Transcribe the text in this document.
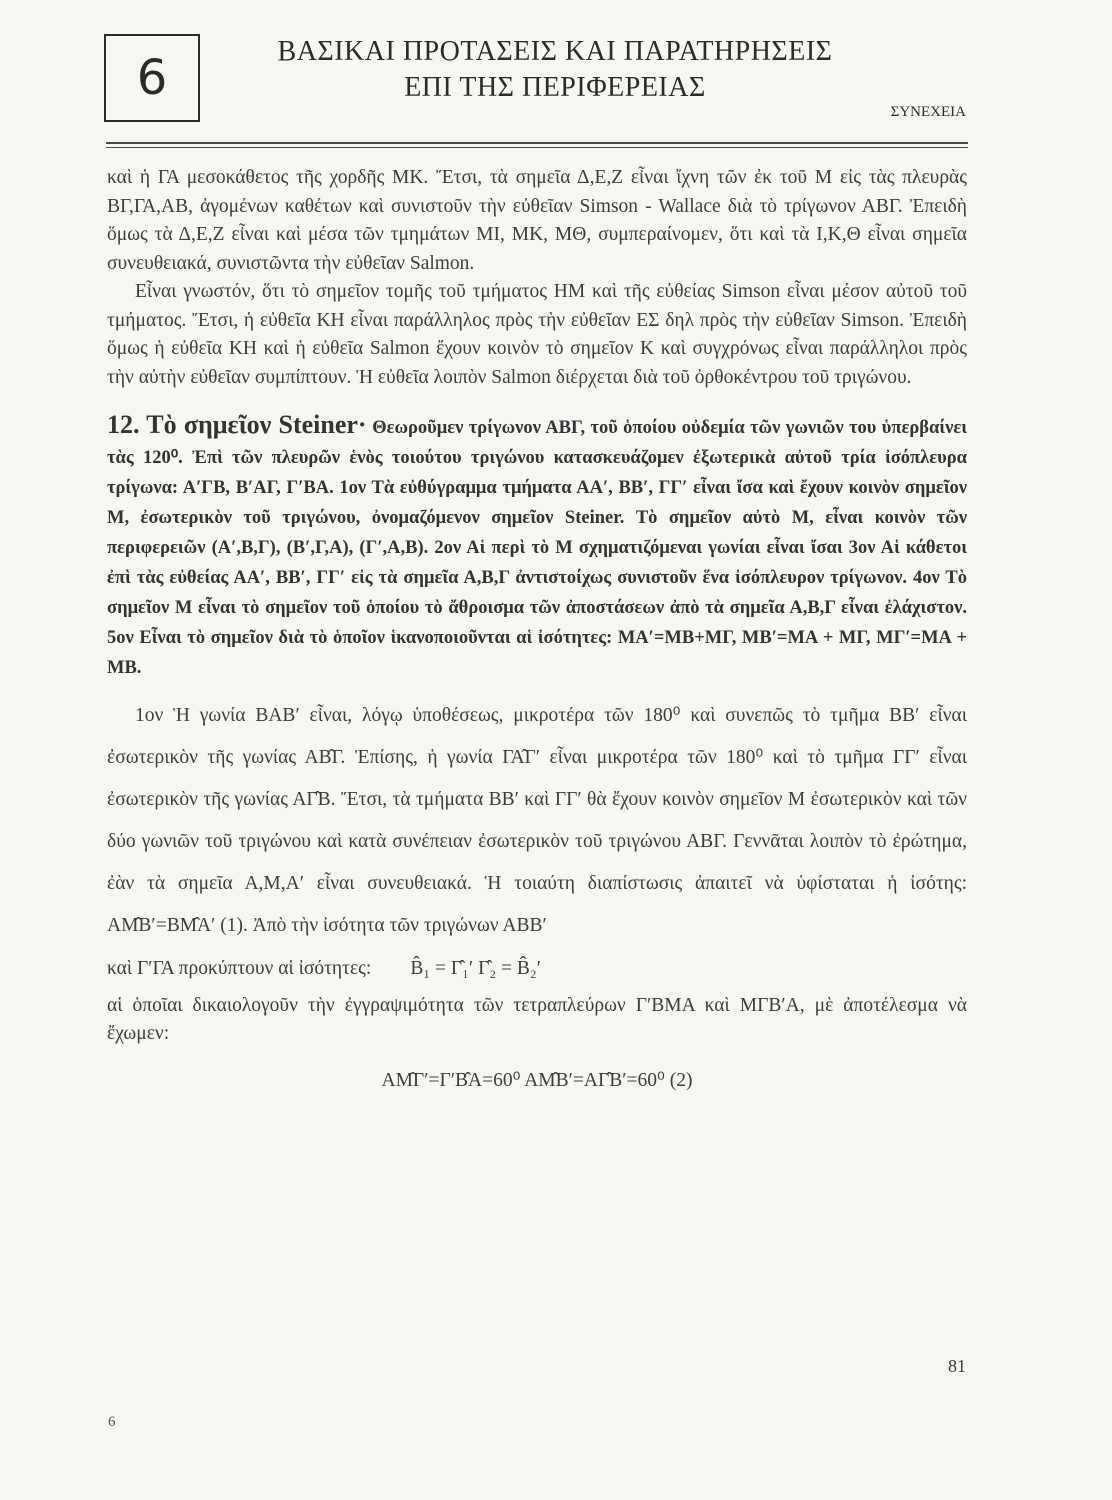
6	ΒΑΣΙΚΑΙ ΠΡΟΤΑΣΕΙΣ ΚΑΙ ΠΑΡΑΤΗΡΗΣΕΙΣ
ΕΠΙ ΤΗΣ ΠΕΡΙΦΕΡΕΙΑΣ
ΣΥΝΕΧΕΙΑ

καὶ ἡ ΓΑ μεσοκάθετος τῆς χορδῆς ΜΚ. Ἔτσι, τὰ σημεῖα Δ,Ε,Ζ εἶναι ἴχνη τῶν ἐκ τοῦ Μ εἰς τὰς πλευρὰς ΒΓ,ΓΑ,ΑΒ, ἀγομένων καθέτων καὶ συνιστοῦν τὴν εὐθεῖαν Simson - Wallace διὰ τὸ τρίγωνον ΑΒΓ. Ἐπειδὴ ὅμως τὰ Δ,Ε,Ζ εἶναι καὶ μέσα τῶν τμημάτων ΜΙ, ΜΚ, ΜΘ, συμπεραίνομεν, ὅτι καὶ τὰ Ι,Κ,Θ εἶναι σημεῖα συνευθειακά, συνιστῶντα τὴν εὐθεῖαν Salmon.

Εἶναι γνωστόν, ὅτι τὸ σημεῖον τομῆς τοῦ τμήματος ΗΜ καὶ τῆς εὐθείας Simson εἶναι μέσον αὐτοῦ τοῦ τμήματος. Ἔτσι, ἡ εὐθεῖα ΚΗ εἶναι παράλληλος πρὸς τὴν εὐθεῖαν ΕΣ δηλ πρὸς τὴν εὐθεῖαν Simson. Ἐπειδὴ ὅμως ἡ εὐθεῖα ΚΗ καὶ ἡ εὐθεῖα Salmon ἔχουν κοινὸν τὸ σημεῖον Κ καὶ συγχρόνως εἶναι παράλληλοι πρὸς τὴν αὐτὴν εὐθεῖαν συμπίπτουν. Ἡ εὐθεῖα λοιπὸν Salmon διέρχεται διὰ τοῦ ὀρθοκέντρου τοῦ τριγώνου.

12. Τὸ σημεῖον Steiner· Θεωροῦμεν τρίγωνον ΑΒΓ, τοῦ ὁποίου οὐδεμία τῶν γωνιῶν του ὑπερβαίνει τὰς 120⁰. Ἐπὶ τῶν πλευρῶν ἑνὸς τοιούτου τριγώνου κατασκευάζομεν ἐξωτερικὰ αὐτοῦ τρία ἰσόπλευρα τρίγωνα: Α′ΓΒ, Β′ΑΓ, Γ′ΒΑ. 1ον Τὰ εὐθύγραμμα τμήματα ΑΑ′, ΒΒ′, ΓΓ′ εἶναι ἴσα καὶ ἔχουν κοινὸν σημεῖον Μ, ἐσωτερικὸν τοῦ τριγώνου, ὀνομαζόμενον σημεῖον Steiner. Τὸ σημεῖον αὐτὸ Μ, εἶναι κοινὸν τῶν περιφερειῶν (Α′,Β,Γ), (Β′,Γ,Α), (Γ′,Α,Β). 2ον Αἱ περὶ τὸ Μ σχηματιζόμεναι γωνίαι εἶναι ἴσαι 3ον Αἱ κάθετοι ἐπὶ τὰς εὐθείας ΑΑ′, ΒΒ′, ΓΓ′ εἰς τὰ σημεῖα Α,Β,Γ ἀντιστοίχως συνιστοῦν ἕνα ἰσόπλευρον τρίγωνον. 4ον Τὸ σημεῖον Μ εἶναι τὸ σημεῖον τοῦ ὁποίου τὸ ἄθροισμα τῶν ἀποστάσεων ἀπὸ τὰ σημεῖα Α,Β,Γ εἶναι ἐλάχιστον. 5ον Εἶναι τὸ σημεῖον διὰ τὸ ὁποῖον ἱκανοποιοῦνται αἱ ἰσότητες: ΜΑ′=ΜΒ+ΜΓ, ΜΒ′=ΜΑ + ΜΓ, ΜΓ′=ΜΑ + ΜΒ.

1ον Ἡ γωνία ΒΑΒ′ εἶναι, λόγῳ ὑποθέσεως, μικροτέρα τῶν 180⁰ καὶ συνεπῶς τὸ τμῆμα ΒΒ′ εἶναι ἐσωτερικὸν τῆς γωνίας ΑΒ̂Γ. Ἐπίσης, ἡ γωνία ΓΑ̂Γ′ εἶναι μικροτέρα τῶν 180⁰ καὶ τὸ τμῆμα ΓΓ′ εἶναι ἐσωτερικὸν τῆς γωνίας ΑΓ̂Β. Ἔτσι, τὰ τμήματα ΒΒ′ καὶ ΓΓ′ θὰ ἔχουν κοινὸν σημεῖον Μ ἐσωτερικὸν καὶ τῶν δύο γωνιῶν τοῦ τριγώνου καὶ κατὰ συνέπειαν ἐσωτερικὸν τοῦ τριγώνου ΑΒΓ. Γεννᾶται λοιπὸν τὸ ἐρώτημα, ἐὰν τὰ σημεῖα Α,Μ,Α′ εἶναι συνευθειακά. Ἡ τοιαύτη διαπίστωσις ἀπαιτεῖ νὰ ὑφίσταται ἡ ἰσότης: ΑΜ̂Β′=ΒΜ̂Α′ (1). Ἀπὸ τὴν ἰσότητα τῶν τριγώνων ΑΒΒ′

καὶ Γ′ΓΑ προκύπτουν αἱ ἰσότητες: B̂₁ = Γ̂₁′ Γ̂₂ = B̂₂′

αἱ ὁποῖαι δικαιολογοῦν τὴν ἐγγραψιμότητα τῶν τετραπλεύρων Γ′ΒΜΑ καὶ ΜΓΒ′Α, μὲ ἀποτέλεσμα νὰ ἔχωμεν:

ΑΜ̂Γ′=Γ′Β̂Α=60⁰ ΑΜ̂Β′=ΑΓ̂Β′=60⁰ (2)

81
6
